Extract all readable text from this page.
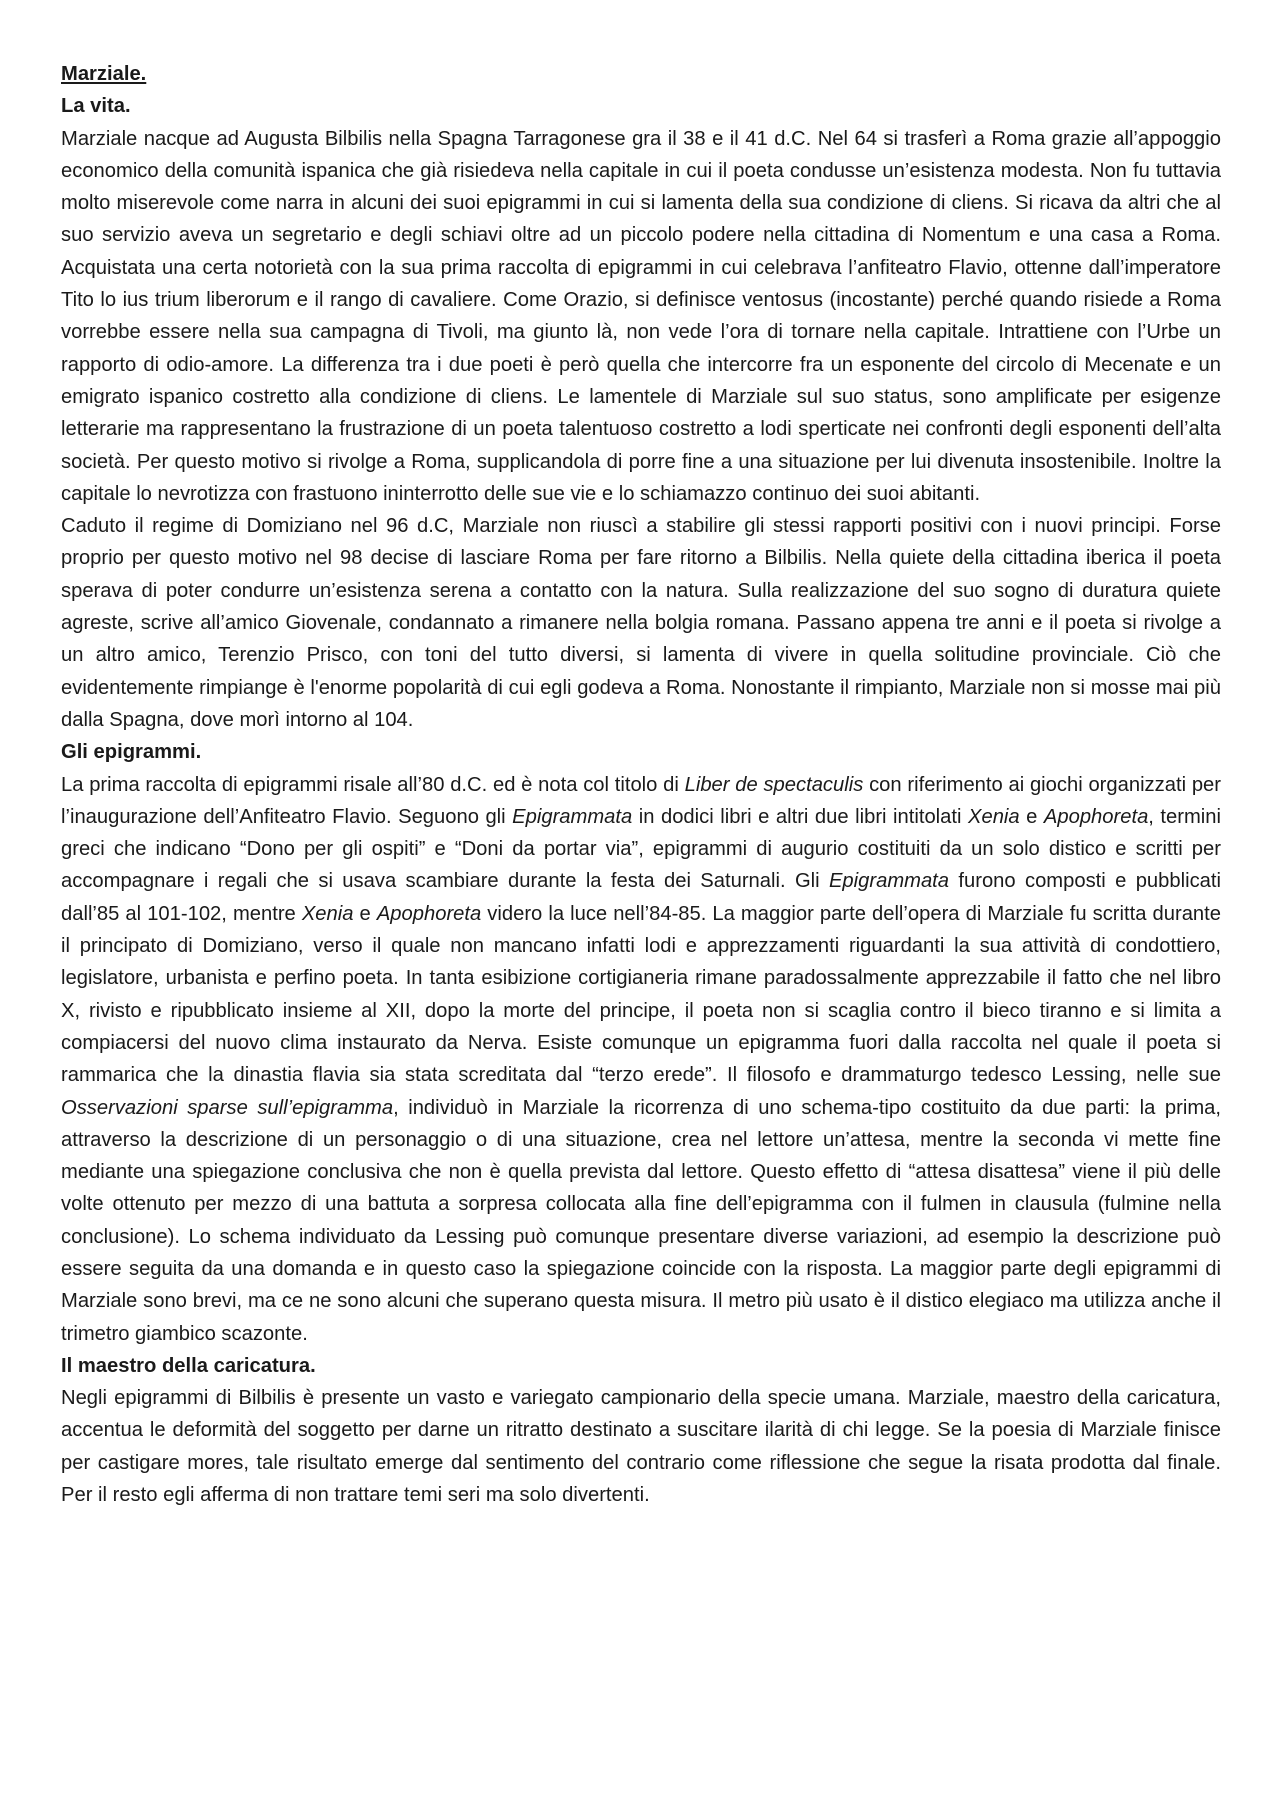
Marziale.
La vita.

Marziale nacque ad Augusta Bilbilis nella Spagna Tarragonese gra il 38 e il 41 d.C. Nel 64 si trasferì a Roma grazie all’appoggio economico della comunità ispanica che già risiedeva nella capitale in cui il poeta condusse un’esistenza modesta. Non fu tuttavia molto miserevole come narra in alcuni dei suoi epigrammi in cui si lamenta della sua condizione di cliens. Si ricava da altri che al suo servizio aveva un segretario e degli schiavi oltre ad un piccolo podere nella cittadina di Nomentum e una casa a Roma. Acquistata una certa notorietà con la sua prima raccolta di epigrammi in cui celebrava l’anfiteatro Flavio, ottenne dall’imperatore Tito lo ius trium liberorum e il rango di cavaliere. Come Orazio, si definisce ventosus (incostante) perché quando risiede a Roma vorrebbe essere nella sua campagna di Tivoli, ma giunto là, non vede l’ora di tornare nella capitale. Intrattiene con l’Urbe un rapporto di odio-amore. La differenza tra i due poeti è però quella che intercorre fra un esponente del circolo di Mecenate e un emigrato ispanico costretto alla condizione di cliens. Le lamentele di Marziale sul suo status, sono amplificate per esigenze letterarie ma rappresentano la frustrazione di un poeta talentuoso costretto a lodi sperticate nei confronti degli esponenti dell’alta società. Per questo motivo si rivolge a Roma, supplicandola di porre fine a una situazione per lui divenuta insostenibile. Inoltre la capitale lo nevrotizza con frastuono ininterrotto delle sue vie e lo schiamazzo continuo dei suoi abitanti.

Caduto il regime di Domiziano nel 96 d.C, Marziale non riuscì a stabilire gli stessi rapporti positivi con i nuovi principi. Forse proprio per questo motivo nel 98 decise di lasciare Roma per fare ritorno a Bilbilis. Nella quiete della cittadina iberica il poeta sperava di poter condurre un’esistenza serena a contatto con la natura. Sulla realizzazione del suo sogno di duratura quiete agreste, scrive all’amico Giovenale, condannato a rimanere nella bolgia romana. Passano appena tre anni e il poeta si rivolge a un altro amico, Terenzio Prisco, con toni del tutto diversi, si lamenta di vivere in quella solitudine provinciale. Ciò che evidentemente rimpiange è l'enorme popolarità di cui egli godeva a Roma. Nonostante il rimpianto, Marziale non si mosse mai più dalla Spagna, dove morì intorno al 104.

Gli epigrammi.

La prima raccolta di epigrammi risale all’80 d.C. ed è nota col titolo di Liber de spectaculis con riferimento ai giochi organizzati per l’inaugurazione dell’Anfiteatro Flavio. Seguono gli Epigrammata in dodici libri e altri due libri intitolati Xenia e Apophoreta, termini greci che indicano “Dono per gli ospiti” e “Doni da portar via”, epigrammi di augurio costituiti da un solo distico e scritti per accompagnare i regali che si usava scambiare durante la festa dei Saturnali. Gli Epigrammata furono composti e pubblicati dall’85 al 101-102, mentre Xenia e Apophoreta videro la luce nell’84-85. La maggior parte dell’opera di Marziale fu scritta durante il principato di Domiziano, verso il quale non mancano infatti lodi e apprezzamenti riguardanti la sua attività di condottiero, legislatore, urbanista e perfino poeta. In tanta esibizione cortigianeria rimane paradossalmente apprezzabile il fatto che nel libro X, rivisto e ripubblicato insieme al XII, dopo la morte del principe, il poeta non si scaglia contro il bieco tiranno e si limita a compiacersi del nuovo clima instaurato da Nerva. Esiste comunque un epigramma fuori dalla raccolta nel quale il poeta si rammarica che la dinastia flavia sia stata screditata dal “terzo erede”. Il filosofo e drammaturgo tedesco Lessing, nelle sue Osservazioni sparse sull’epigramma, individuò in Marziale la ricorrenza di uno schema-tipo costituito da due parti: la prima, attraverso la descrizione di un personaggio o di una situazione, crea nel lettore un’attesa, mentre la seconda vi mette fine mediante una spiegazione conclusiva che non è quella prevista dal lettore. Questo effetto di “attesa disattesa” viene il più delle volte ottenuto per mezzo di una battuta a sorpresa collocata alla fine dell’epigramma con il fulmen in clausula (fulmine nella conclusione). Lo schema individuato da Lessing può comunque presentare diverse variazioni, ad esempio la descrizione può essere seguita da una domanda e in questo caso la spiegazione coincide con la risposta. La maggior parte degli epigrammi di Marziale sono brevi, ma ce ne sono alcuni che superano questa misura. Il metro più usato è il distico elegiaco ma utilizza anche il trimetro giambico scazonte.

Il maestro della caricatura.

Negli epigrammi di Bilbilis è presente un vasto e variegato campionario della specie umana. Marziale, maestro della caricatura, accentua le deformità del soggetto per darne un ritratto destinato a suscitare ilarità di chi legge. Se la poesia di Marziale finisce per castigare mores, tale risultato emerge dal sentimento del contrario come riflessione che segue la risata prodotta dal finale. Per il resto egli afferma di non trattare temi seri ma solo divertenti.
